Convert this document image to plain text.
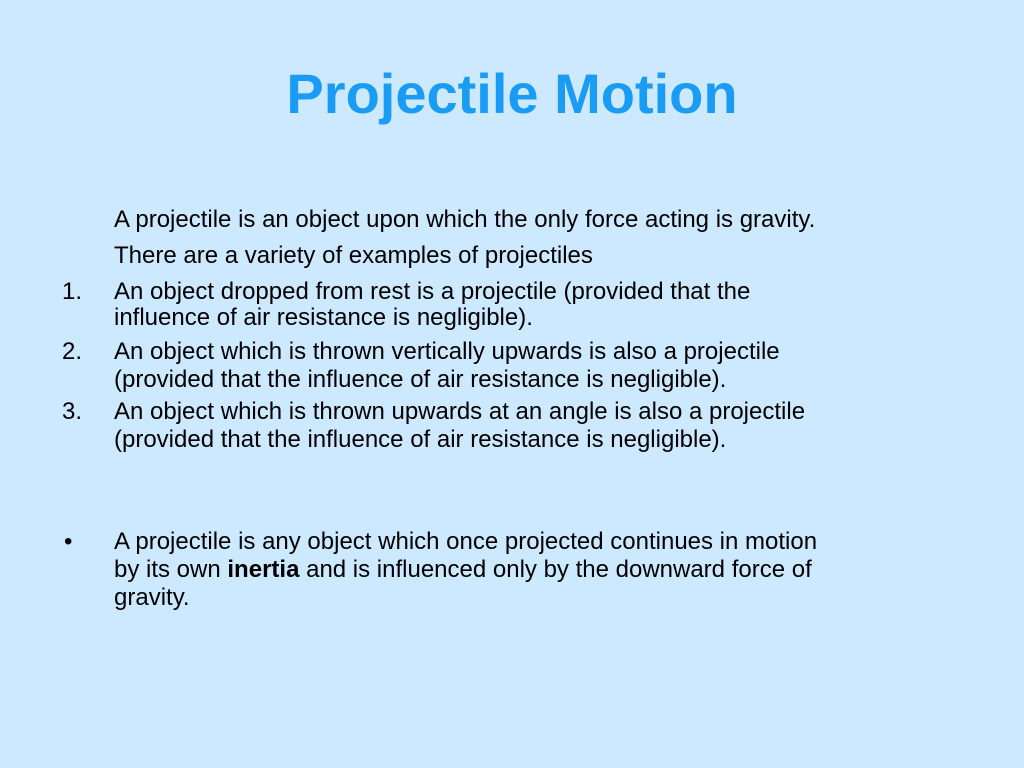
Projectile Motion

A projectile is an object upon which the only force acting is gravity.

There are a variety of examples of projectiles

1. An object dropped from rest is a projectile (provided that the

influence of air resistance is negligible).

2. An object which is thrown vertically upwards is also a projectile

(provided that the influence of air resistance is negligible).

3. An object which is thrown upwards at an angle is also a projectile

(provided that the influence of air resistance is negligible).

• A projectile is any object which once projected continues in motion

by its own inertia and is influenced only by the downward force of

gravity.
